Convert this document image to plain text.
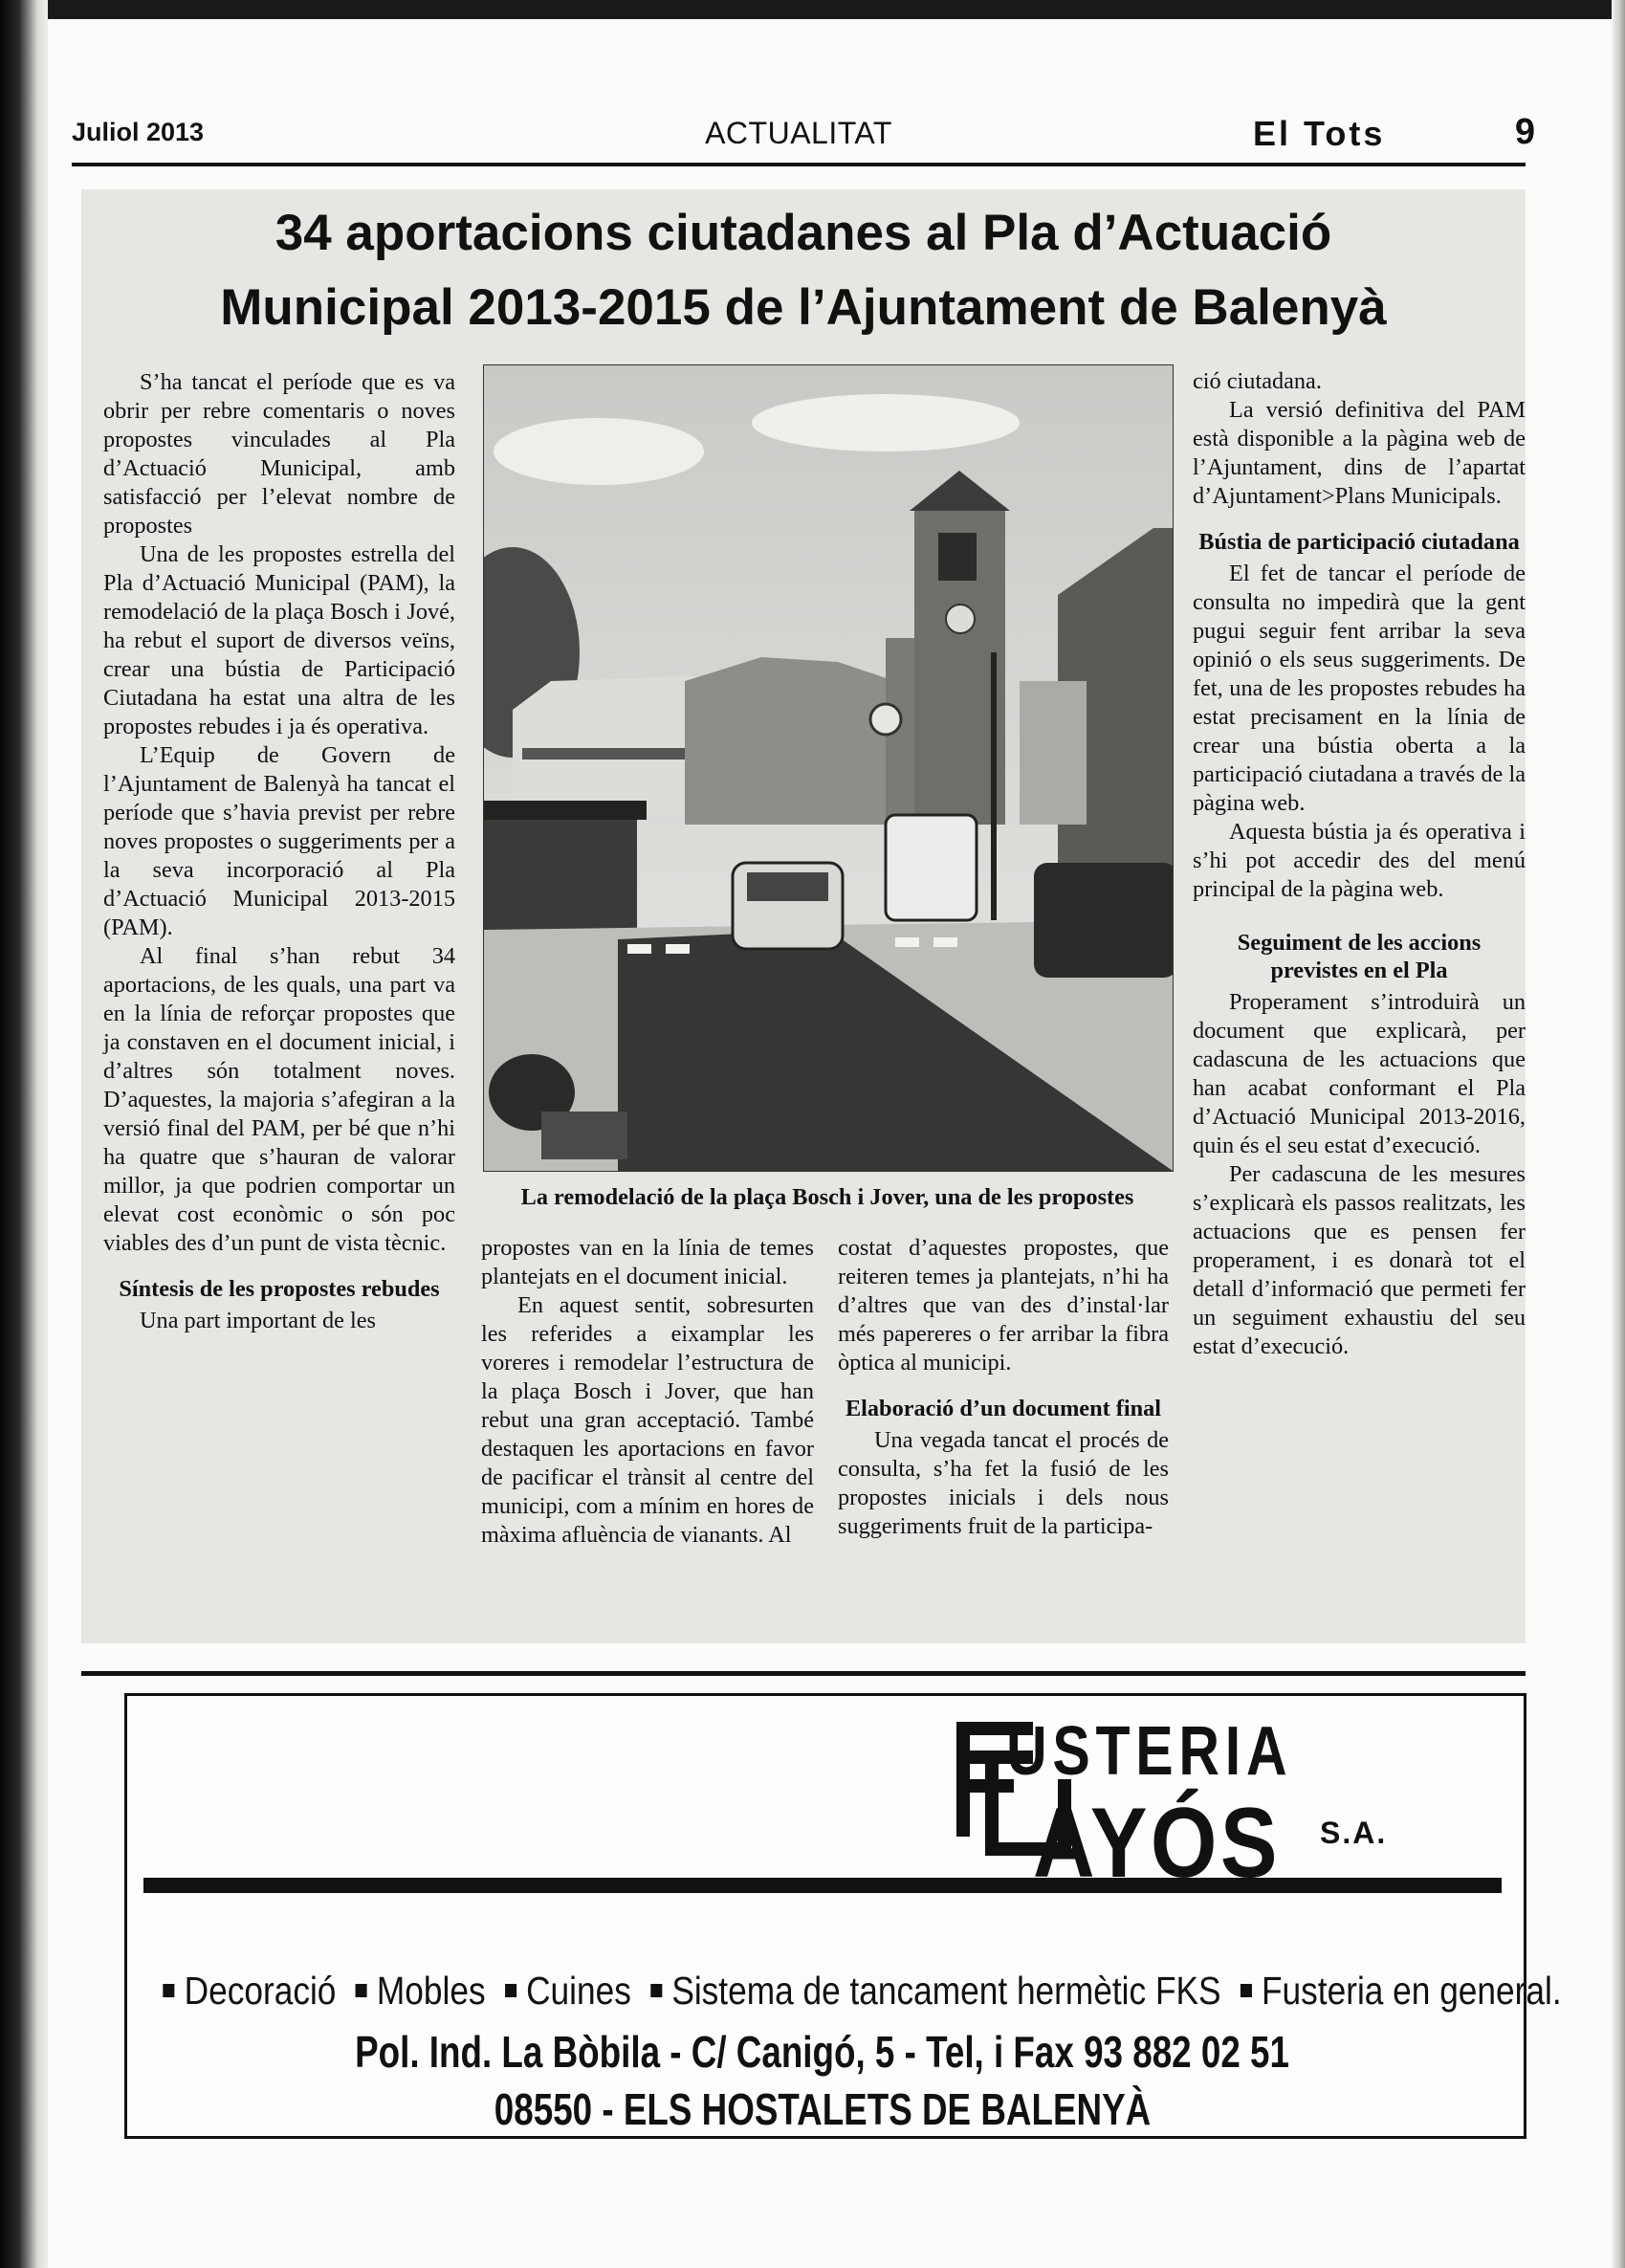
Juliol 2013	ACTUALITAT	El Tots	9
34 aportacions ciutadanes al Pla d’Actuació
Municipal 2013-2015 de l’Ajuntament de Balenyà

S’ha tancat el període que es va obrir per rebre comentaris o noves propostes vinculades al Pla d’Actuació Municipal, amb satisfacció per l’elevat nombre de propostes

Una de les propostes estrella del Pla d’Actuació Municipal (PAM), la remodelació de la plaça Bosch i Jové, ha rebut el suport de diversos veïns, crear una bústia de Participació Ciutadana ha estat una altra de les propostes rebudes i ja és operativa.

L’Equip de Govern de l’Ajuntament de Balenyà ha tancat el període que s’havia previst per rebre noves propostes o suggeriments per a la seva incorporació al Pla d’Actuació Municipal 2013-2015 (PAM).

Al final s’han rebut 34 aportacions, de les quals, una part va en la línia de reforçar propostes que ja constaven en el document inicial, i d’altres són totalment noves. D’aquestes, la majoria s’afegiran a la versió final del PAM, per bé que n’hi ha quatre que s’hauran de valorar millor, ja que podrien comportar un elevat cost econòmic o són poc viables des d’un punt de vista tècnic.

Síntesis de les propostes rebudes

Una part important de les

La remodelació de la plaça Bosch i Jover, una de les propostes

propostes van en la línia de temes plantejats en el document inicial.

En aquest sentit, sobresurten les referides a eixamplar les voreres i remodelar l’estructura de la plaça Bosch i Jover, que han rebut una gran acceptació. També destaquen les aportacions en favor de pacificar el trànsit al centre del municipi, com a mínim en hores de màxima afluència de vianants. Al

costat d’aquestes propostes, que reiteren temes ja plantejats, n’hi ha d’altres que van des d’instal·lar més papereres o fer arribar la fibra òptica al municipi.

Elaboració d’un document final

Una vegada tancat el procés de consulta, s’ha fet la fusió de les propostes inicials i dels nous suggeriments fruit de la participa-

ció ciutadana.

La versió definitiva del PAM està disponible a la pàgina web de l’Ajuntament, dins de l’apartat d’Ajuntament>Plans Municipals.

Bústia de participació ciutadana

El fet de tancar el període de consulta no impedirà que la gent pugui seguir fent arribar la seva opinió o els seus suggeriments. De fet, una de les propostes rebudes ha estat precisament en la línia de crear una bústia oberta a la participació ciutadana a través de la pàgina web.

Aquesta bústia ja és operativa i s’hi pot accedir des del menú principal de la pàgina web.

Seguiment de les accions previstes en el Pla

Properament s’introduirà un document que explicarà, per cadascuna de les actuacions que han acabat conformant el Pla d’Actuació Municipal 2013-2016, quin és el seu estat d’execució.

Per cadascuna de les mesures s’explicarà els passos realitzats, les actuacions que es pensen fer properament, i es donarà tot el detall d’informació que permeti fer un seguiment exhaustiu del seu estat d’execució.

USTERIA
AYÓS S.A.
Decoració Mobles Cuines Sistema de tancament hermètic FKS Fusteria en general.
Pol. Ind. La Bòbila - C/ Canigó, 5 - Tel, i Fax 93 882 02 51
08550 - ELS HOSTALETS DE BALENYÀ
